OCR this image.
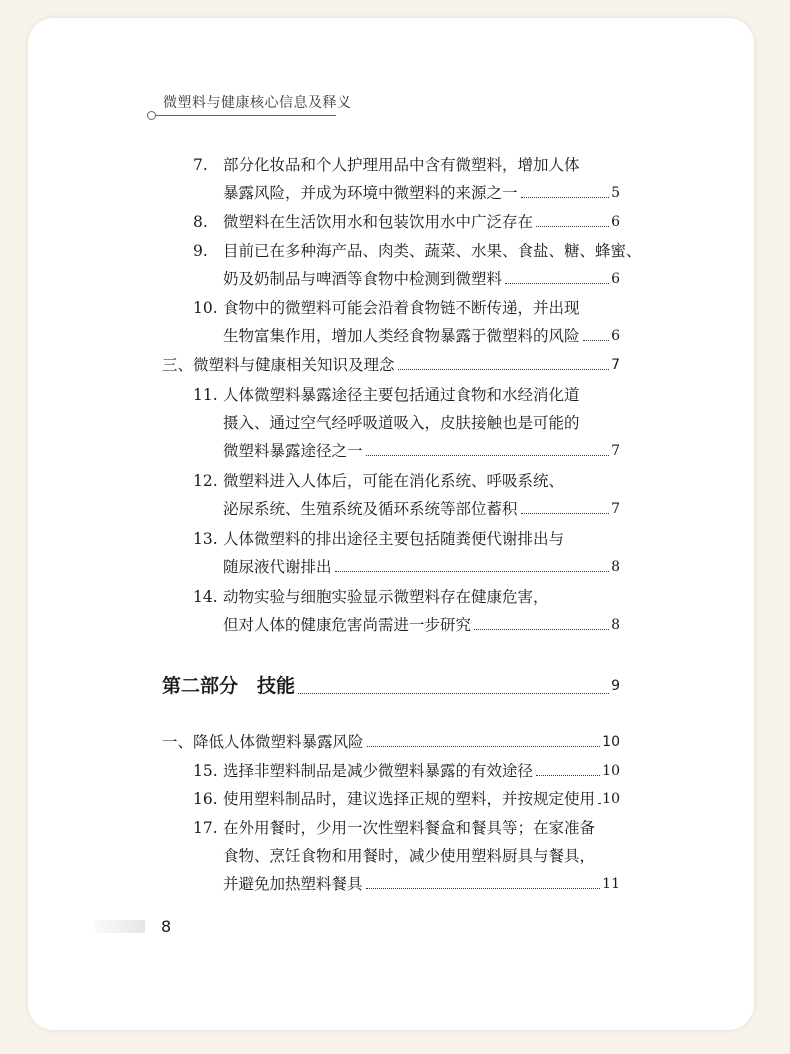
微塑料与健康核心信息及释义
7. 部分化妆品和个人护理用品中含有微塑料，增加人体
暴露风险，并成为环境中微塑料的来源之一	5
8. 微塑料在生活饮用水和包装饮用水中广泛存在	6
9. 目前已在多种海产品、肉类、蔬菜、水果、食盐、糖、蜂蜜、
奶及奶制品与啤酒等食物中检测到微塑料	6
10. 食物中的微塑料可能会沿着食物链不断传递，并出现
生物富集作用，增加人类经食物暴露于微塑料的风险 6
三、微塑料与健康相关知识及理念	7
11. 人体微塑料暴露途径主要包括通过食物和水经消化道
摄入、通过空气经呼吸道吸入，皮肤接触也是可能的
微塑料暴露途径之一	7
12. 微塑料进入人体后，可能在消化系统、呼吸系统、
泌尿系统、生殖系统及循环系统等部位蓄积	7
13. 人体微塑料的排出途径主要包括随粪便代谢排出与
随尿液代谢排出	8
14. 动物实验与细胞实验显示微塑料存在健康危害，
但对人体的健康危害尚需进一步研究	8
第二部分　技能	9
一、降低人体微塑料暴露风险	10
15. 选择非塑料制品是减少微塑料暴露的有效途径	10
16. 使用塑料制品时，建议选择正规的塑料，并按规定使用 10
17. 在外用餐时，少用一次性塑料餐盒和餐具等；在家准备
食物、烹饪食物和用餐时，减少使用塑料厨具与餐具，
并避免加热塑料餐具	11
8
